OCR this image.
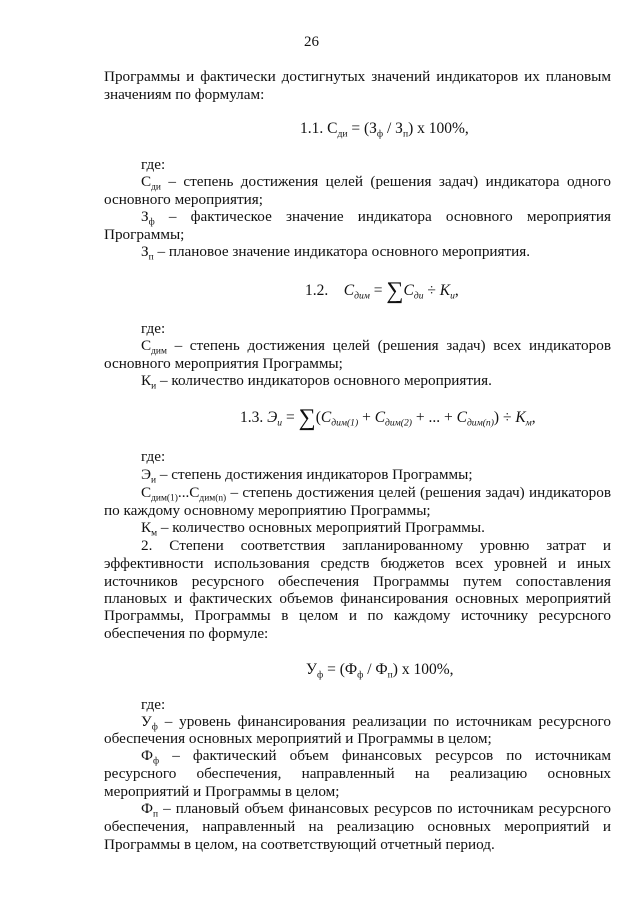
26
Программы и фактически достигнутых значений индикаторов их плановым
значениям по формулам:
1.1. $С_{ди} = (З_ф / З_п)$ х 100%,
где:
$С_{ди}$ – степень достижения целей (решения задач) индикатора одного
основного мероприятия;
$З_ф$ – фактическое значение индикатора основного мероприятия
Программы;
$З_п$ – плановое значение индикатора основного мероприятия.
1.2. $С_{дим} = \sum С_{ди} \div К_и$,
где:
$С_{дим}$ – степень достижения целей (решения задач) всех индикаторов
основного мероприятия Программы;
$К_и$ – количество индикаторов основного мероприятия.
1.3. $Э_и = \sum(С_{дим(1)} + С_{дим(2)}$ + ... + $С_{дим(n)}) \div К_м$,
где:
$Э_и$ – степень достижения индикаторов Программы;
$С_{дим(1)}...С_{дим(n)}$ – степень достижения целей (решения задач) индикаторов
по каждому основному мероприятию Программы;
$К_м$ – количество основных мероприятий Программы.
2. Степени соответствия запланированному уровню затрат и
эффективности использования средств бюджетов всех уровней и иных
источников ресурсного обеспечения Программы путем сопоставления
плановых и фактических объемов финансирования основных мероприятий
Программы, Программы в целом и по каждому источнику ресурсного
обеспечения по формуле:
$У_ф = (Ф_ф / Ф_п)$ х 100%,
где:
$У_ф$ – уровень финансирования реализации по источникам ресурсного
обеспечения основных мероприятий и Программы в целом;
$Ф_ф$ – фактический объем финансовых ресурсов по источникам
ресурсного обеспечения, направленный на реализацию основных
мероприятий и Программы в целом;
$Ф_п$ – плановый объем финансовых ресурсов по источникам ресурсного
обеспечения, направленный на реализацию основных мероприятий и
Программы в целом, на соответствующий отчетный период.
